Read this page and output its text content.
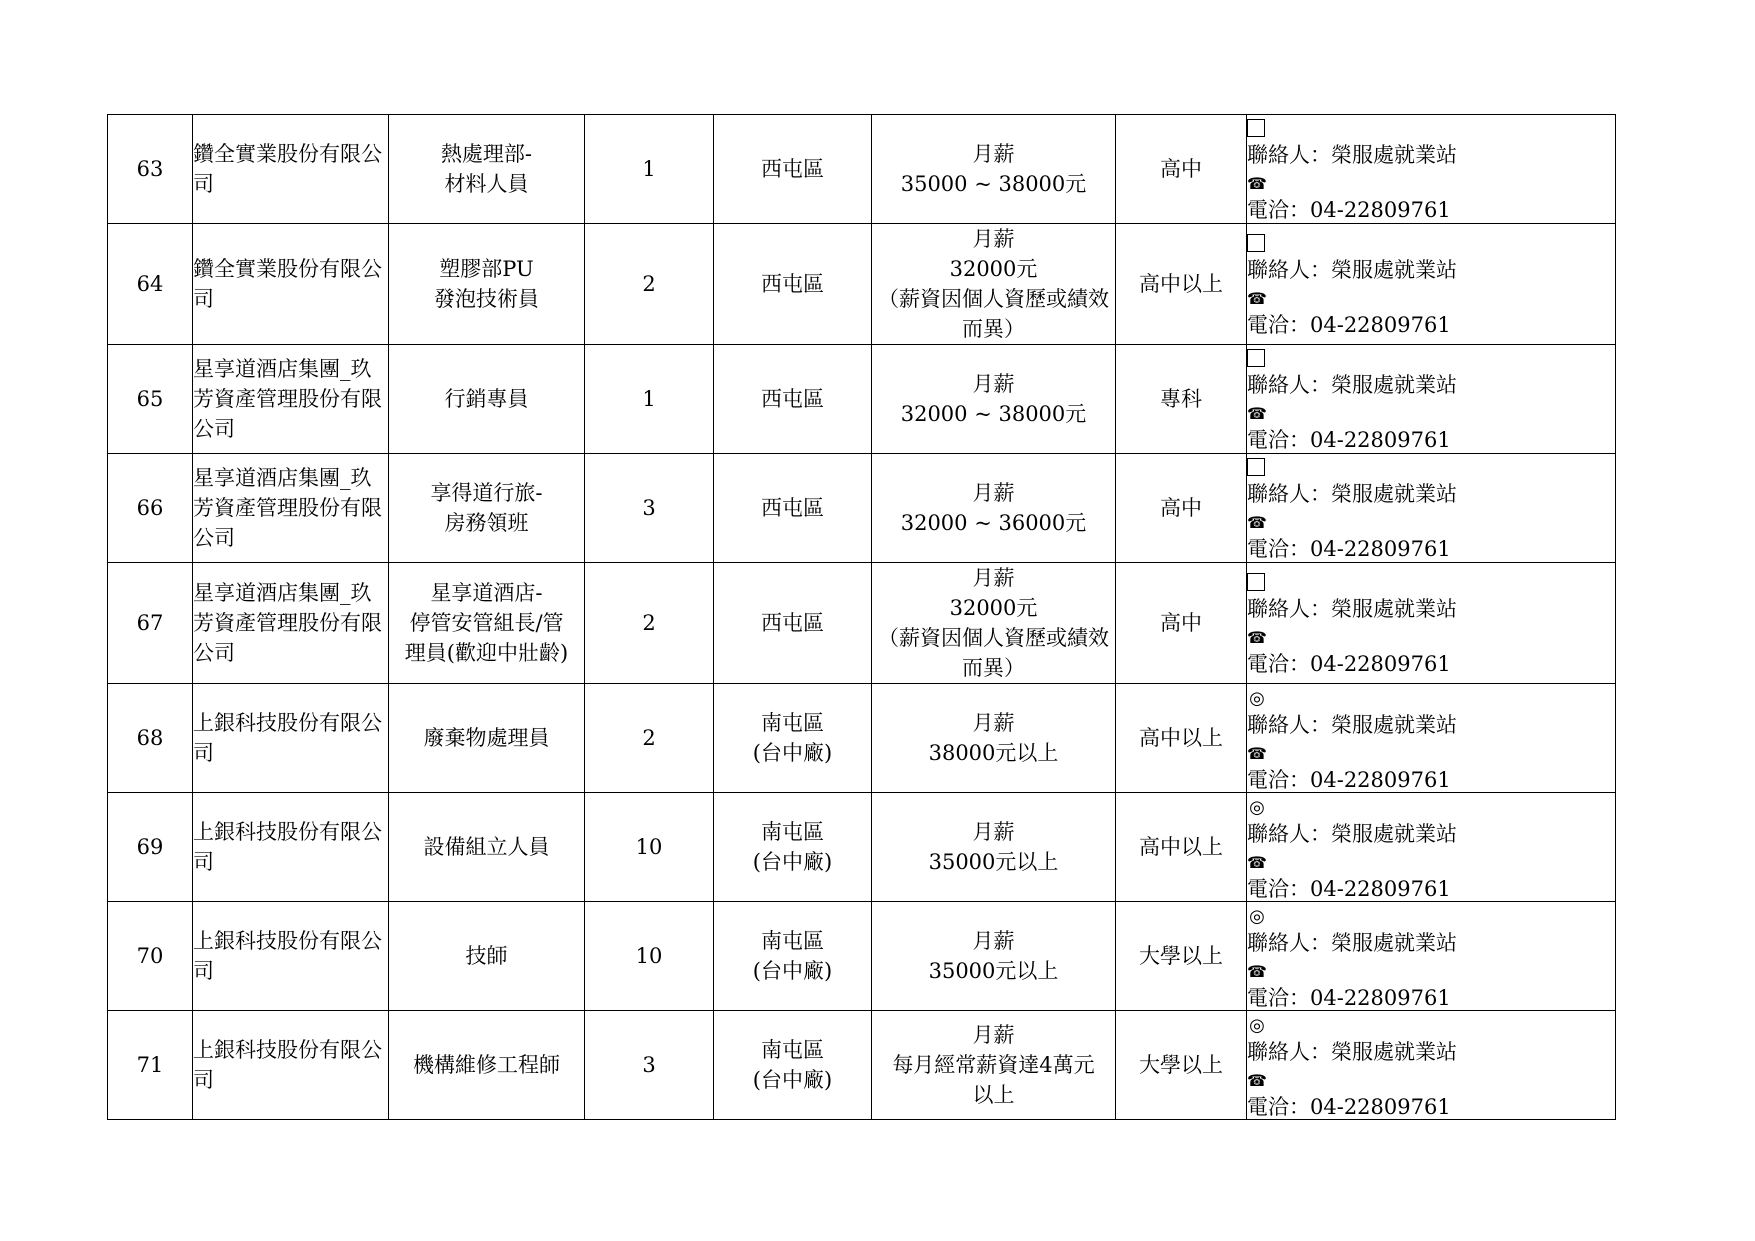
63	鑽全實業股份有限公司	熱處理部-
材料人員	1	西屯區	月薪
35000 ~ 38000元	高中	聯絡人：榮服處就業站
☎
電洽：04-22809761

64	鑽全實業股份有限公司	塑膠部PU
發泡技術員	2	西屯區	月薪
32000元
（薪資因個人資歷或績效而異）	高中以上	聯絡人：榮服處就業站
☎
電洽：04-22809761

65	星享道酒店集團_玖芳資產管理股份有限公司	行銷專員	1	西屯區	月薪
32000 ~ 38000元	專科	聯絡人：榮服處就業站
☎
電洽：04-22809761

66	星享道酒店集團_玖芳資產管理股份有限公司	享得道行旅-
房務領班	3	西屯區	月薪
32000 ~ 36000元	高中	聯絡人：榮服處就業站
☎
電洽：04-22809761

67	星享道酒店集團_玖芳資產管理股份有限公司	星享道酒店-
停管安管組長/管
理員(歡迎中壯齡)	2	西屯區	月薪
32000元
（薪資因個人資歷或績效而異）	高中	聯絡人：榮服處就業站
☎
電洽：04-22809761

68	上銀科技股份有限公司	廢棄物處理員	2	南屯區
(台中廠)	月薪
38000元以上	高中以上	◎
聯絡人：榮服處就業站
☎
電洽：04-22809761

69	上銀科技股份有限公司	設備組立人員	10	南屯區
(台中廠)	月薪
35000元以上	高中以上	◎
聯絡人：榮服處就業站
☎
電洽：04-22809761

70	上銀科技股份有限公司	技師	10	南屯區
(台中廠)	月薪
35000元以上	大學以上	◎
聯絡人：榮服處就業站
☎
電洽：04-22809761

71	上銀科技股份有限公司	機構維修工程師	3	南屯區
(台中廠)	月薪
每月經常薪資達4萬元
以上	大學以上	◎
聯絡人：榮服處就業站
☎
電洽：04-22809761
